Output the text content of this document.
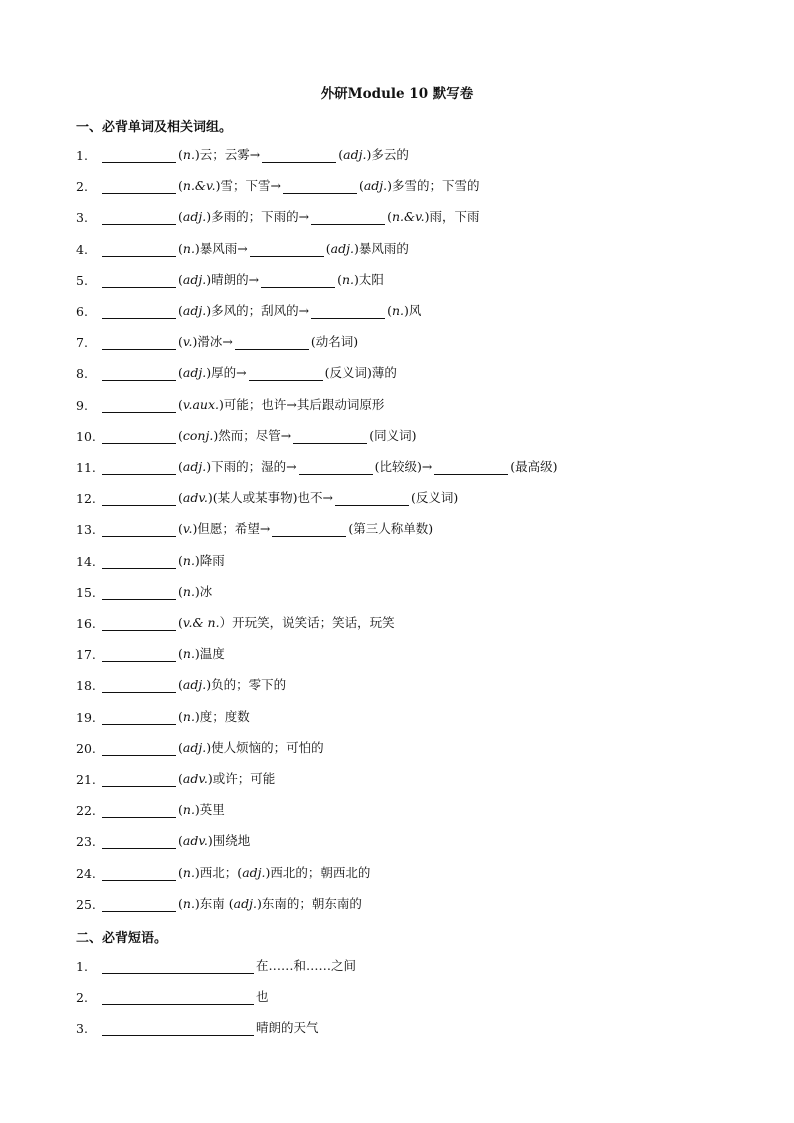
外研Module 10 默写卷
一、必背单词及相关词组。
1.	(n.)云；云雾→	(adj.)多云的
2.	(n.&v.)雪；下雪→	(adj.)多雪的；下雪的
3.	(adj.)多雨的；下雨的→	(n.&v.)雨，下雨
4.	(n.)暴风雨→	(adj.)暴风雨的
5.	(adj.)晴朗的→	(n.)太阳
6.	(adj.)多风的；刮风的→	(n.)风
7.	(v.)滑冰→	(动名词)
8.	(adj.)厚的→	(反义词)薄的
9.	(v.aux.)可能；也许→其后跟动词原形
10.	(conj.)然而；尽管→	(同义词)
11.	(adj.)下雨的；湿的→	(比较级)→	(最高级)
12.	(adv.)(某人或某事物)也不→	(反义词)
13.	(v.)但愿；希望→	(第三人称单数)
14.	(n.)降雨
15.	(n.)冰
16.	(v.& n.）开玩笑，说笑话；笑话，玩笑
17.	(n.)温度
18.	(adj.)负的；零下的
19.	(n.)度；度数
20.	(adj.)使人烦恼的；可怕的
21.	(adv.)或许；可能
22.	(n.)英里
23.	(adv.)围绕地
24.	(n.)西北；( adj.)西北的；朝西北的
25.	(n.)东南 ( adj.)东南的；朝东南的
二、必背短语。
1.	在……和……之间
2.	也
3.	晴朗的天气
